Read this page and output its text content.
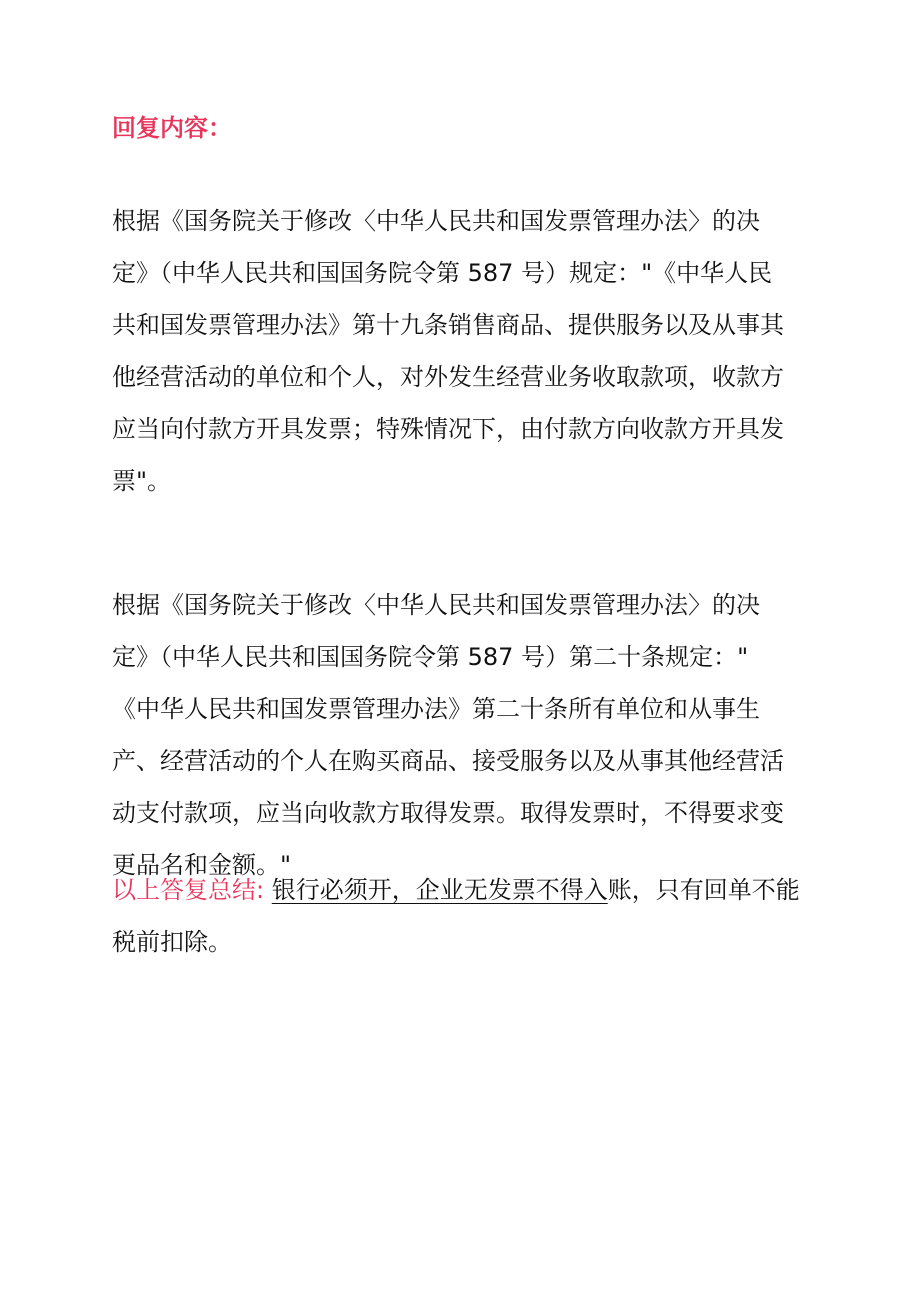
回复内容：
根据《国务院关于修改〈中华人民共和国发票管理办法〉的决
定》（中华人民共和国国务院令第 587 号）规定："《中华人民
共和国发票管理办法》第十九条销售商品、提供服务以及从事其
他经营活动的单位和个人，对外发生经营业务收取款项，收款方
应当向付款方开具发票；特殊情况下，由付款方向收款方开具发
票"。
根据《国务院关于修改〈中华人民共和国发票管理办法〉的决
定》（中华人民共和国国务院令第 587 号）第二十条规定："
《中华人民共和国发票管理办法》第二十条所有单位和从事生
产、经营活动的个人在购买商品、接受服务以及从事其他经营活
动支付款项，应当向收款方取得发票。取得发票时，不得要求变
更品名和金额。"
以上答复总结: 银行必须开，企业无发票不得入账，只有回单不能
税前扣除。
